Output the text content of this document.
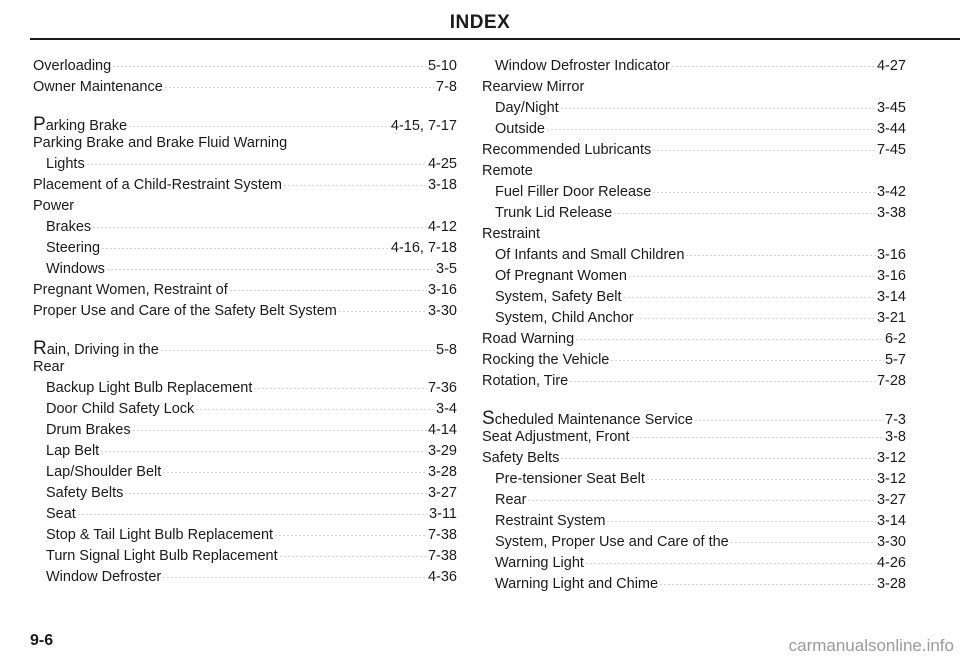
INDEX
Overloading	5-10
Owner Maintenance	7-8
Parking Brake	4-15, 7-17
Parking Brake and Brake Fluid Warning
Lights	4-25
Placement of a Child-Restraint System	3-18
Power
Brakes	4-12
Steering	4-16, 7-18
Windows	3-5
Pregnant Women, Restraint of	3-16
Proper Use and Care of the Safety Belt System	3-30
Rain, Driving in the	5-8
Rear
Backup Light Bulb Replacement	7-36
Door Child Safety Lock	3-4
Drum Brakes	4-14
Lap Belt	3-29
Lap/Shoulder Belt	3-28
Safety Belts	3-27
Seat	3-11
Stop & Tail Light Bulb Replacement	7-38
Turn Signal Light Bulb Replacement	7-38
Window Defroster	4-36
Window Defroster Indicator	4-27
Rearview Mirror
Day/Night	3-45
Outside	3-44
Recommended Lubricants	7-45
Remote
Fuel Filler Door Release	3-42
Trunk Lid Release	3-38
Restraint
Of Infants and Small Children	3-16
Of Pregnant Women	3-16
System, Safety Belt	3-14
System, Child Anchor	3-21
Road Warning	6-2
Rocking the Vehicle	5-7
Rotation, Tire	7-28
Scheduled Maintenance Service	7-3
Seat Adjustment, Front	3-8
Safety Belts	3-12
Pre-tensioner Seat Belt	3-12
Rear	3-27
Restraint System	3-14
System, Proper Use and Care of the	3-30
Warning Light	4-26
Warning Light and Chime	3-28
9-6	carmanualsonline.info
